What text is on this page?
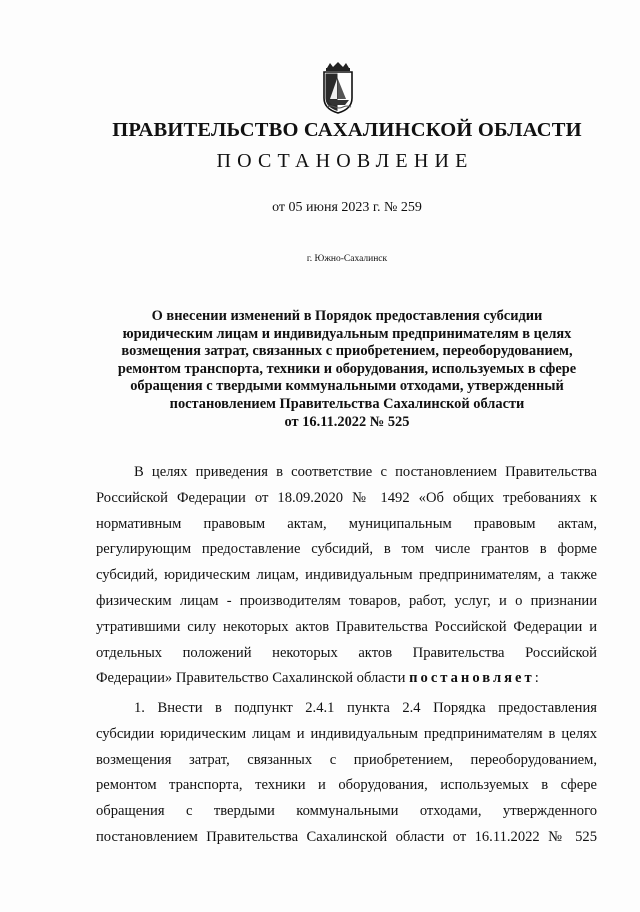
ПРАВИТЕЛЬСТВО САХАЛИНСКОЙ ОБЛАСТИ
ПОСТАНОВЛЕНИЕ
от 05 июня 2023 г. № 259
г. Южно-Сахалинск
О внесении изменений в Порядок предоставления субсидии
юридическим лицам и индивидуальным предпринимателям в целях
возмещения затрат, связанных с приобретением, переоборудованием,
ремонтом транспорта, техники и оборудования, используемых в сфере
обращения с твердыми коммунальными отходами, утвержденный
постановлением Правительства Сахалинской области
от 16.11.2022 № 525
В целях приведения в соответствие с постановлением Правительства
Российской Федерации от 18.09.2020 № 1492 «Об общих требованиях к
нормативным правовым актам, муниципальным правовым актам,
регулирующим предоставление субсидий, в том числе грантов в форме
субсидий, юридическим лицам, индивидуальным предпринимателям, а также
физическим лицам - производителям товаров, работ, услуг, и о признании
утратившими силу некоторых актов Правительства Российской Федерации и
отдельных положений некоторых актов Правительства Российской
Федерации» Правительство Сахалинской области постановляет:
1. Внести в подпункт 2.4.1 пункта 2.4 Порядка предоставления
субсидии юридическим лицам и индивидуальным предпринимателям в целях
возмещения затрат, связанных с приобретением, переоборудованием,
ремонтом транспорта, техники и оборудования, используемых в сфере
обращения с твердыми коммунальными отходами, утвержденного
постановлением Правительства Сахалинской области от 16.11.2022 № 525
